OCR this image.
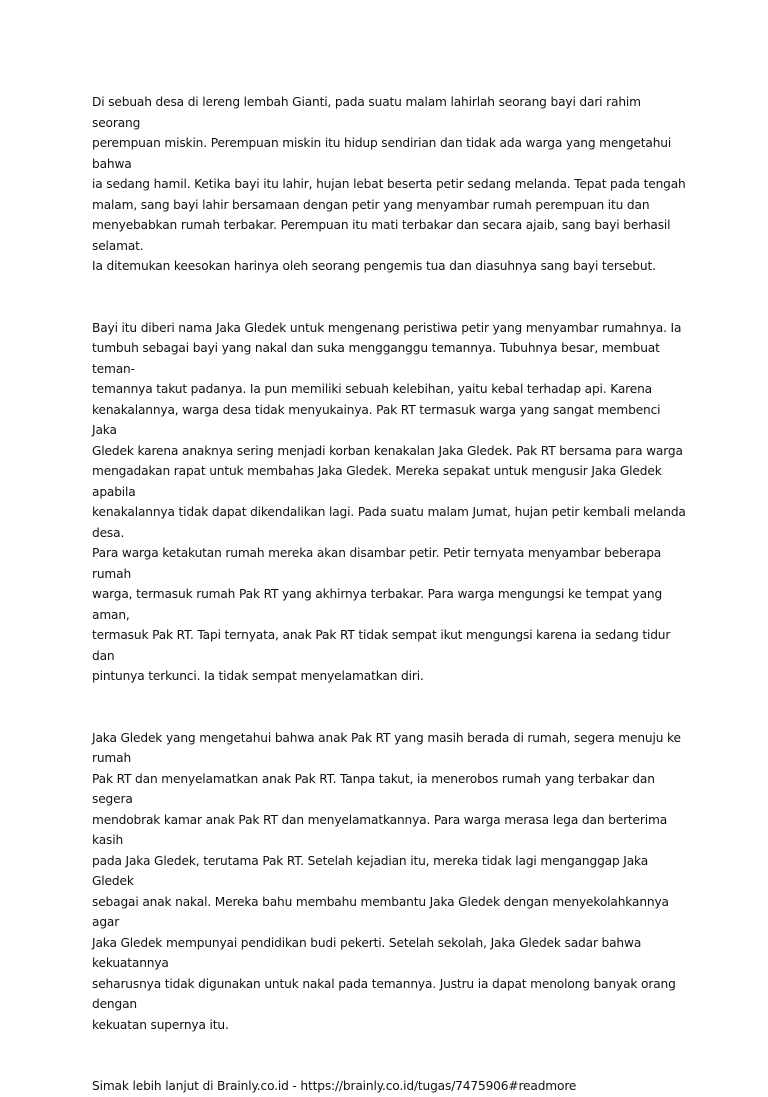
Di sebuah desa di lereng lembah Gianti, pada suatu malam lahirlah seorang bayi dari rahim seorang
perempuan miskin. Perempuan miskin itu hidup sendirian dan tidak ada warga yang mengetahui bahwa
ia sedang hamil. Ketika bayi itu lahir, hujan lebat beserta petir sedang melanda. Tepat pada tengah
malam, sang bayi lahir bersamaan dengan petir yang menyambar rumah perempuan itu dan
menyebabkan rumah terbakar. Perempuan itu mati terbakar dan secara ajaib, sang bayi berhasil selamat.
Ia ditemukan keesokan harinya oleh seorang pengemis tua dan diasuhnya sang bayi tersebut.

Bayi itu diberi nama Jaka Gledek untuk mengenang peristiwa petir yang menyambar rumahnya. Ia
tumbuh sebagai bayi yang nakal dan suka mengganggu temannya. Tubuhnya besar, membuat teman-
temannya takut padanya. Ia pun memiliki sebuah kelebihan, yaitu kebal terhadap api. Karena
kenakalannya, warga desa tidak menyukainya. Pak RT termasuk warga yang sangat membenci Jaka
Gledek karena anaknya sering menjadi korban kenakalan Jaka Gledek. Pak RT bersama para warga
mengadakan rapat untuk membahas Jaka Gledek. Mereka sepakat untuk mengusir Jaka Gledek apabila
kenakalannya tidak dapat dikendalikan lagi. Pada suatu malam Jumat, hujan petir kembali melanda desa.
Para warga ketakutan rumah mereka akan disambar petir. Petir ternyata menyambar beberapa rumah
warga, termasuk rumah Pak RT yang akhirnya terbakar. Para warga mengungsi ke tempat yang aman,
termasuk Pak RT. Tapi ternyata, anak Pak RT tidak sempat ikut mengungsi karena ia sedang tidur dan
pintunya terkunci. Ia tidak sempat menyelamatkan diri.

Jaka Gledek yang mengetahui bahwa anak Pak RT yang masih berada di rumah, segera menuju ke rumah
Pak RT dan menyelamatkan anak Pak RT. Tanpa takut, ia menerobos rumah yang terbakar dan segera
mendobrak kamar anak Pak RT dan menyelamatkannya. Para warga merasa lega dan berterima kasih
pada Jaka Gledek, terutama Pak RT. Setelah kejadian itu, mereka tidak lagi menganggap Jaka Gledek
sebagai anak nakal. Mereka bahu membahu membantu Jaka Gledek dengan menyekolahkannya agar
Jaka Gledek mempunyai pendidikan budi pekerti. Setelah sekolah, Jaka Gledek sadar bahwa kekuatannya
seharusnya tidak digunakan untuk nakal pada temannya. Justru ia dapat menolong banyak orang dengan
kekuatan supernya itu.

Simak lebih lanjut di Brainly.co.id - https://brainly.co.id/tugas/7475906#readmore
